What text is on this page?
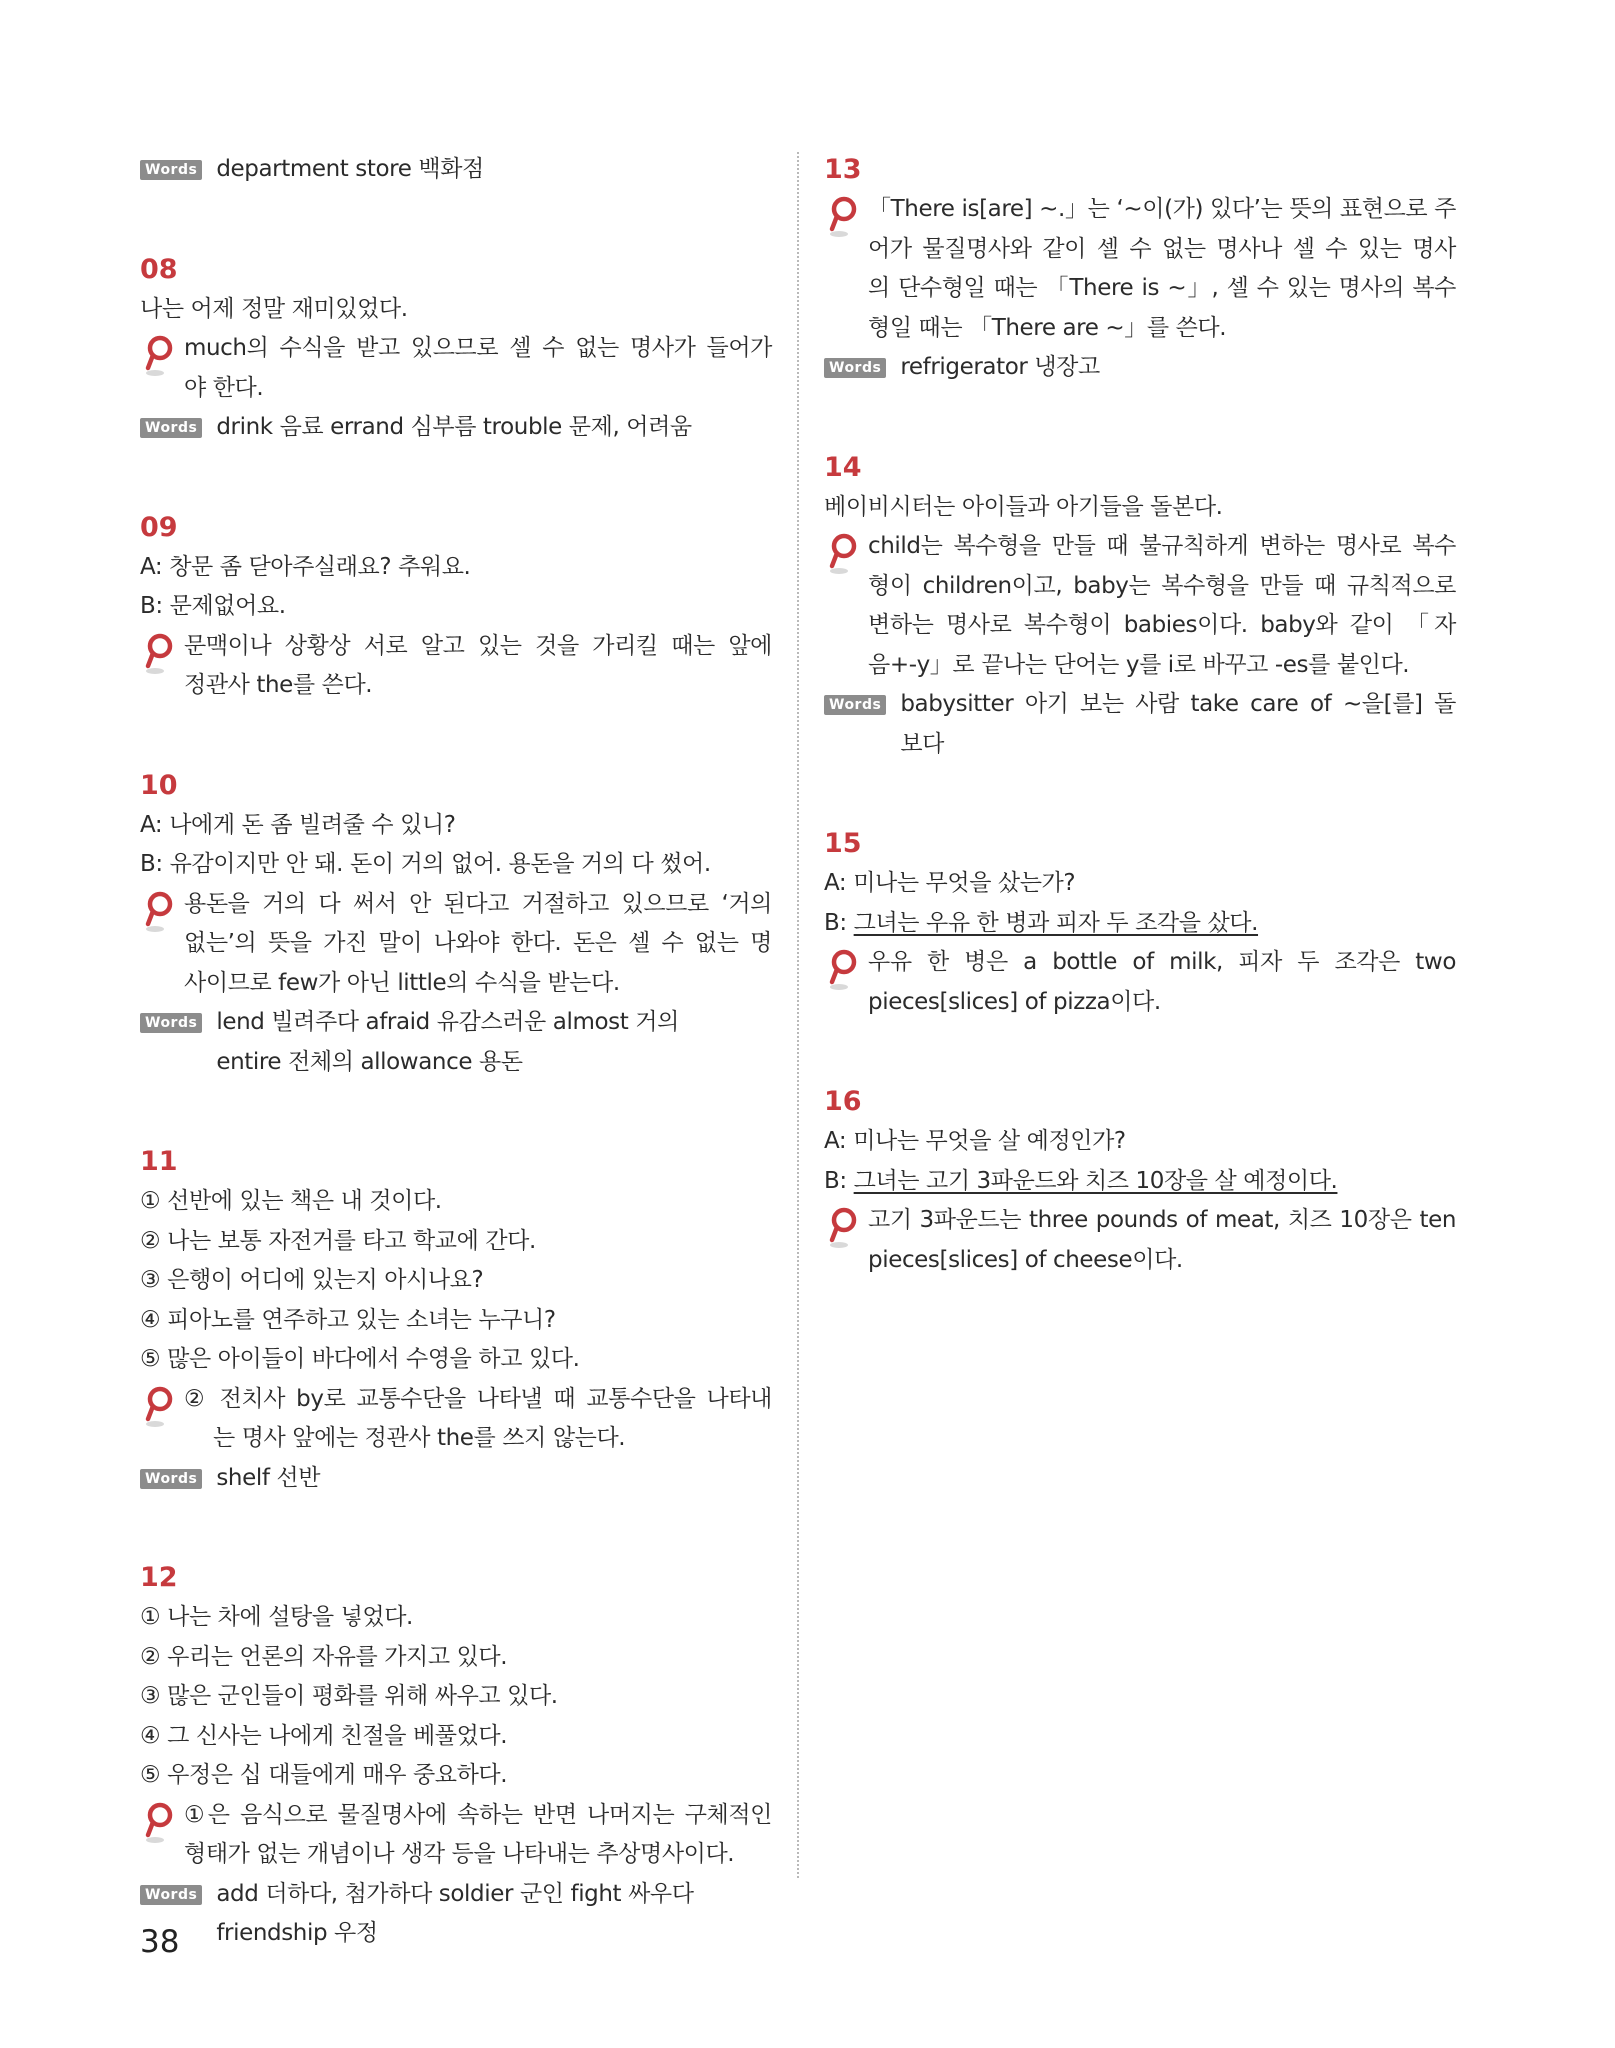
Words department store 백화점
08
나는 어제 정말 재미있었다.
much의 수식을 받고 있으므로 셀 수 없는 명사가 들어가
야 한다.
Words drink 음료 errand 심부름 trouble 문제, 어려움
09
A: 창문 좀 닫아주실래요? 추워요.
B: 문제없어요.
문맥이나 상황상 서로 알고 있는 것을 가리킬 때는 앞에
정관사 the를 쓴다.
10
A: 나에게 돈 좀 빌려줄 수 있니?
B: 유감이지만 안 돼. 돈이 거의 없어. 용돈을 거의 다 썼어.
용돈을 거의 다 써서 안 된다고 거절하고 있으므로 ‘거의
없는’의 뜻을 가진 말이 나와야 한다. 돈은 셀 수 없는 명
사이므로 few가 아닌 little의 수식을 받는다.
Words lend 빌려주다 afraid 유감스러운 almost 거의
entire 전체의 allowance 용돈
11
① 선반에 있는 책은 내 것이다.
② 나는 보통 자전거를 타고 학교에 간다.
③ 은행이 어디에 있는지 아시나요?
④ 피아노를 연주하고 있는 소녀는 누구니?
⑤ 많은 아이들이 바다에서 수영을 하고 있다.
② 전치사 by로 교통수단을 나타낼 때 교통수단을 나타내
는 명사 앞에는 정관사 the를 쓰지 않는다.
Words shelf 선반
12
① 나는 차에 설탕을 넣었다.
② 우리는 언론의 자유를 가지고 있다.
③ 많은 군인들이 평화를 위해 싸우고 있다.
④ 그 신사는 나에게 친절을 베풀었다.
⑤ 우정은 십 대들에게 매우 중요하다.
①은 음식으로 물질명사에 속하는 반면 나머지는 구체적인
형태가 없는 개념이나 생각 등을 나타내는 추상명사이다.
Words add 더하다, 첨가하다 soldier 군인 fight 싸우다
friendship 우정
13
「There is[are] ~.」는 ‘~이(가) 있다’는 뜻의 표현으로 주
어가 물질명사와 같이 셀 수 없는 명사나 셀 수 있는 명사
의 단수형일 때는 「There is ~」, 셀 수 있는 명사의 복수
형일 때는 「There are ~」를 쓴다.
Words refrigerator 냉장고
14
베이비시터는 아이들과 아기들을 돌본다.
child는 복수형을 만들 때 불규칙하게 변하는 명사로 복수
형이 children이고, baby는 복수형을 만들 때 규칙적으로
변하는 명사로 복수형이 babies이다. baby와 같이 「자
음+-y」로 끝나는 단어는 y를 i로 바꾸고 -es를 붙인다.
Words babysitter 아기 보는 사람 take care of ~을[를] 돌
보다
15
A: 미나는 무엇을 샀는가?
B: 그녀는 우유 한 병과 피자 두 조각을 샀다.
우유 한 병은 a bottle of milk, 피자 두 조각은 two
pieces[slices] of pizza이다.
16
A: 미나는 무엇을 살 예정인가?
B: 그녀는 고기 3파운드와 치즈 10장을 살 예정이다.
고기 3파운드는 three pounds of meat, 치즈 10장은 ten
pieces[slices] of cheese이다.
38
